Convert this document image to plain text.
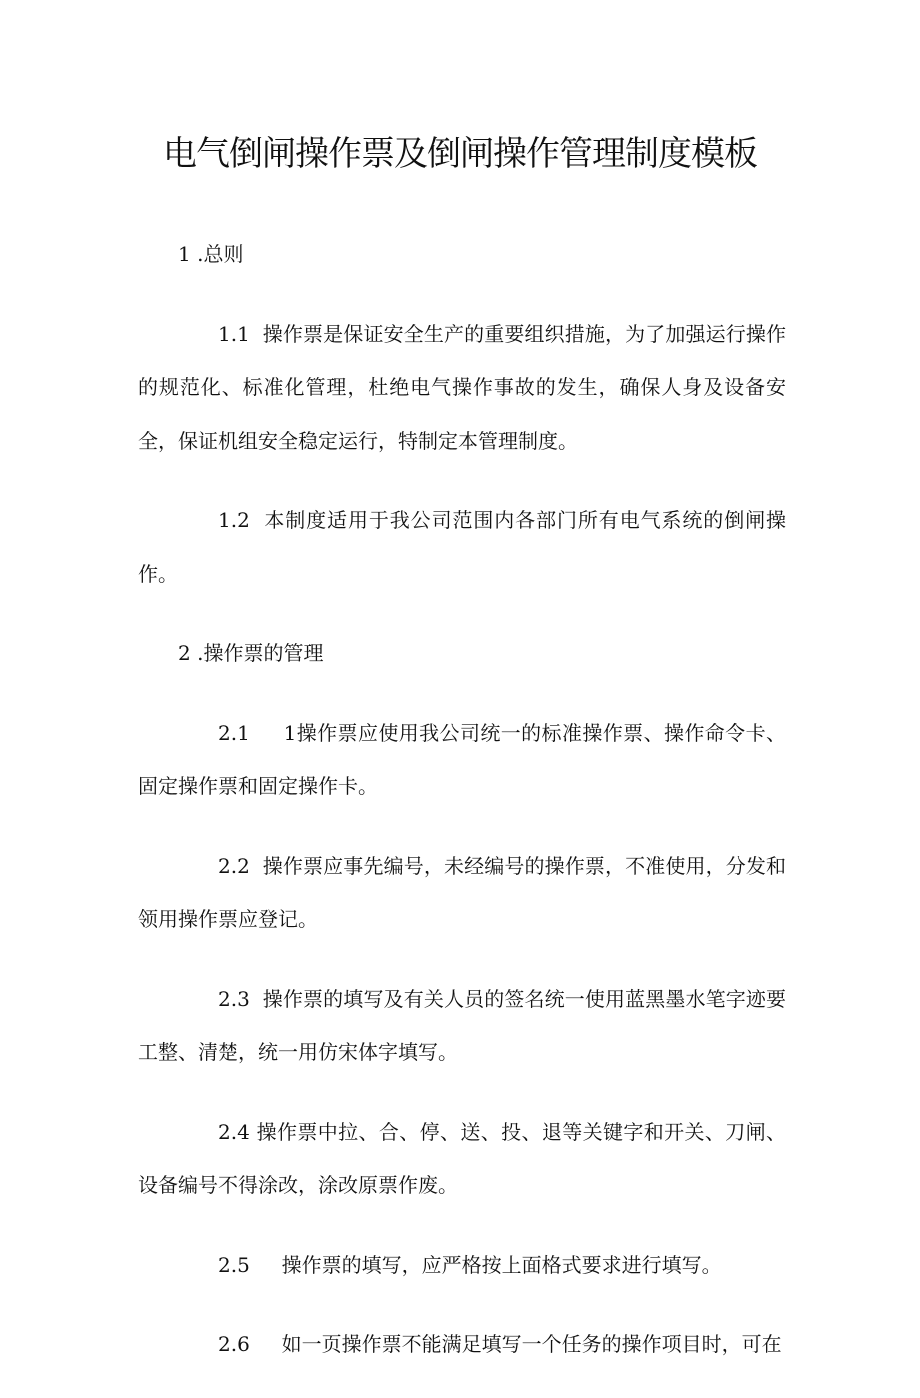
电气倒闸操作票及倒闸操作管理制度模板

1 .总则

1.1 操作票是保证安全生产的重要组织措施，为了加强运行操作的规范化、标准化管理，杜绝电气操作事故的发生，确保人身及设备安全，保证机组安全稳定运行，特制定本管理制度。

1.2 本制度适用于我公司范围内各部门所有电气系统的倒闸操作。

2 .操作票的管理

2.1 1操作票应使用我公司统一的标准操作票、操作命令卡、固定操作票和固定操作卡。

2.2 操作票应事先编号，未经编号的操作票，不准使用，分发和领用操作票应登记。

2.3 操作票的填写及有关人员的签名统一使用蓝黑墨水笔字迹要工整、清楚，统一用仿宋体字填写。

2.4 操作票中拉、合、停、送、投、退等关键字和开关、刀闸、设备编号不得涂改，涂改原票作废。

2.5 操作票的填写，应严格按上面格式要求进行填写。

2.6 如一页操作票不能满足填写一个任务的操作项目时，可在
